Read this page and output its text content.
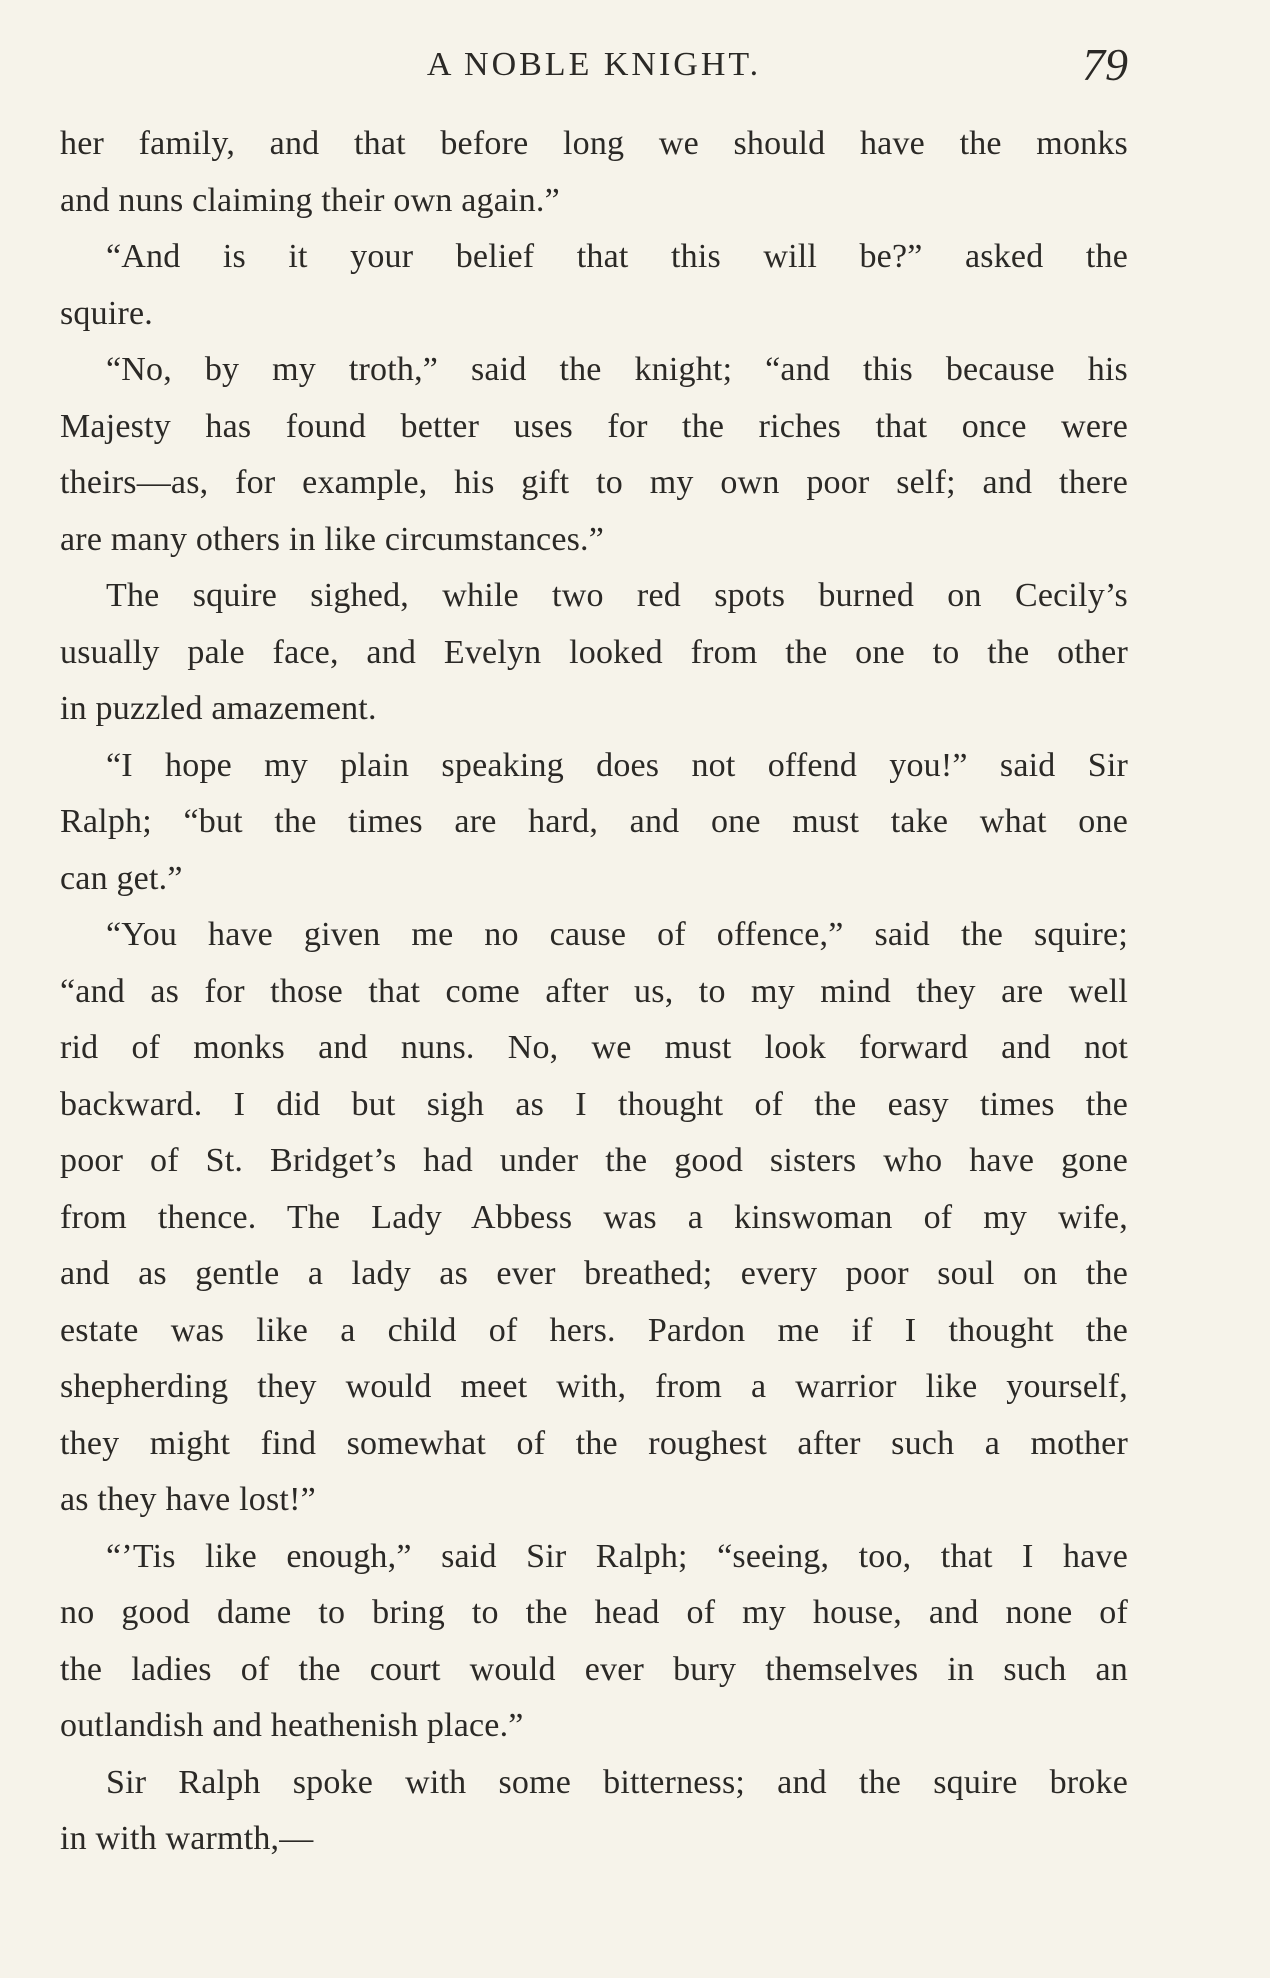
A NOBLE KNIGHT.	79
her family, and that before long we should have the monks
and nuns claiming their own again.”
“And is it your belief that this will be?” asked the
squire.
“No, by my troth,” said the knight; “and this because his
Majesty has found better uses for the riches that once were
theirs—as, for example, his gift to my own poor self; and there
are many others in like circumstances.”
The squire sighed, while two red spots burned on Cecily’s
usually pale face, and Evelyn looked from the one to the other
in puzzled amazement.
“I hope my plain speaking does not offend you!” said Sir
Ralph; “but the times are hard, and one must take what one
can get.”
“You have given me no cause of offence,” said the squire;
“and as for those that come after us, to my mind they are well
rid of monks and nuns. No, we must look forward and not
backward. I did but sigh as I thought of the easy times the
poor of St. Bridget’s had under the good sisters who have gone
from thence. The Lady Abbess was a kinswoman of my wife,
and as gentle a lady as ever breathed; every poor soul on the
estate was like a child of hers. Pardon me if I thought the
shepherding they would meet with, from a warrior like yourself,
they might find somewhat of the roughest after such a mother
as they have lost!”
“’Tis like enough,” said Sir Ralph; “seeing, too, that I have
no good dame to bring to the head of my house, and none of
the ladies of the court would ever bury themselves in such an
outlandish and heathenish place.”
Sir Ralph spoke with some bitterness; and the squire broke
in with warmth,—
